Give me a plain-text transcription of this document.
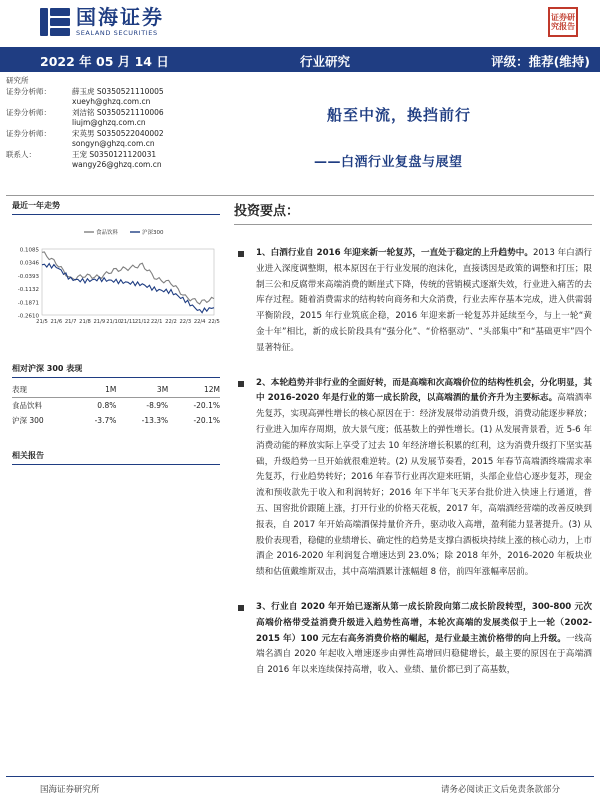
国海证券
SEALAND SECURITIES
证券研究报告
2022 年 05 月 14 日	行业研究	评级：推荐(维持)
研究所
证券分析师：	薛玉虎 S0350521110005
xueyh@ghzq.com.cn
证券分析师：	刘洁铭 S0350521110006
liujm@ghzq.com.cn
证券分析师：	宋英男 S0350522040002
songyn@ghzq.com.cn
联系人：	王宠 S0350121120031
wangy26@ghzq.com.cn
船至中流，换挡前行
——白酒行业复盘与展望
最近一年走势
0.1085
0.0346
-0.0393
-0.1132
-0.1871
-0.2610
21/5 21/6 21/7 21/8 21/9 21/10 21/11 21/12 22/1 22/2 22/3 22/4 22/5
食品饮料	沪深300
相对沪深 300 表现
表现	1M	3M	12M
食品饮料	0.8%	-8.9%	-20.1%
沪深 300	-3.7%	-13.3%	-20.1%
相关报告
投资要点：
1、白酒行业自 2016 年迎来新一轮复苏，一直处于稳定的上升趋势中。2013 年白酒行业进入深度调整期，根本原因在于行业发展的泡沫化，直接诱因是政策的调整和打压；限制三公和反腐带来高端消费的断崖式下降，传统的营销模式逐渐失效，行业进入痛苦的去库存过程。随着消费需求的结构转向商务和大众消费，行业去库存基本完成，进入供需弱平衡阶段，2015 年行业筑底企稳，2016 年迎来新一轮复苏并延续至今，与上一轮“黄金十年”相比，新的成长阶段具有“强分化”、“价格驱动”、“头部集中”和“基础更牢”四个显著特征。
2、本轮趋势并非行业的全面好转，而是高端和次高端价位的结构性机会，分化明显，其中 2016-2020 年是行业的第一成长阶段，以高端酒的量价齐升为主要标志。高端酒率先复苏，实现高弹性增长的核心原因在于：经济发展带动消费升级，消费动能逐步释放；行业进入加库存周期，放大景气度；低基数上的弹性增长。(1) 从发展背景看，近 5-6 年消费动能的释放实际上享受了过去 10 年经济增长积累的红利，这为消费升级打下坚实基础，升级趋势一旦开始就很难逆转。(2) 从发展节奏看，2015 年春节高端酒终端需求率先复苏，行业趋势转好；2016 年春节行业再次迎来旺销，头部企业信心逐步复苏，现金流和预收款先于收入和利润转好；2016 年下半年飞天茅台批价进入快速上行通道，普五、国窖批价跟随上涨，打开行业的价格天花板，2017 年，高端酒经营端的改善反映到报表，自 2017 年开始高端酒保持量价齐升，驱动收入高增，盈利能力显著提升。(3) 从股价表现看，稳健的业绩增长、确定性的趋势是支撑白酒板块持续上涨的核心动力，上市酒企 2016-2020 年利润复合增速达到 23.0%；除 2018 年外，2016-2020 年板块业绩和估值戴维斯双击，其中高端酒累计涨幅超 8 倍，前四年涨幅率居前。
3、行业自 2020 年开始已逐渐从第一成长阶段向第二成长阶段转型，300-800 元次高端价格带受益消费升级进入趋势性高增，本轮次高端的发展类似于上一轮（2002-2015 年）100 元左右高务消费价格的崛起，是行业最主流价格带的向上升级。一线高端名酒自 2020 年起收入增速逐步由弹性高增回归稳健增长，最主要的原因在于高端酒自 2016 年以来连续保持高增，收入、业绩、量价都已到了高基数，
国海证券研究所	请务必阅读正文后免责条款部分
